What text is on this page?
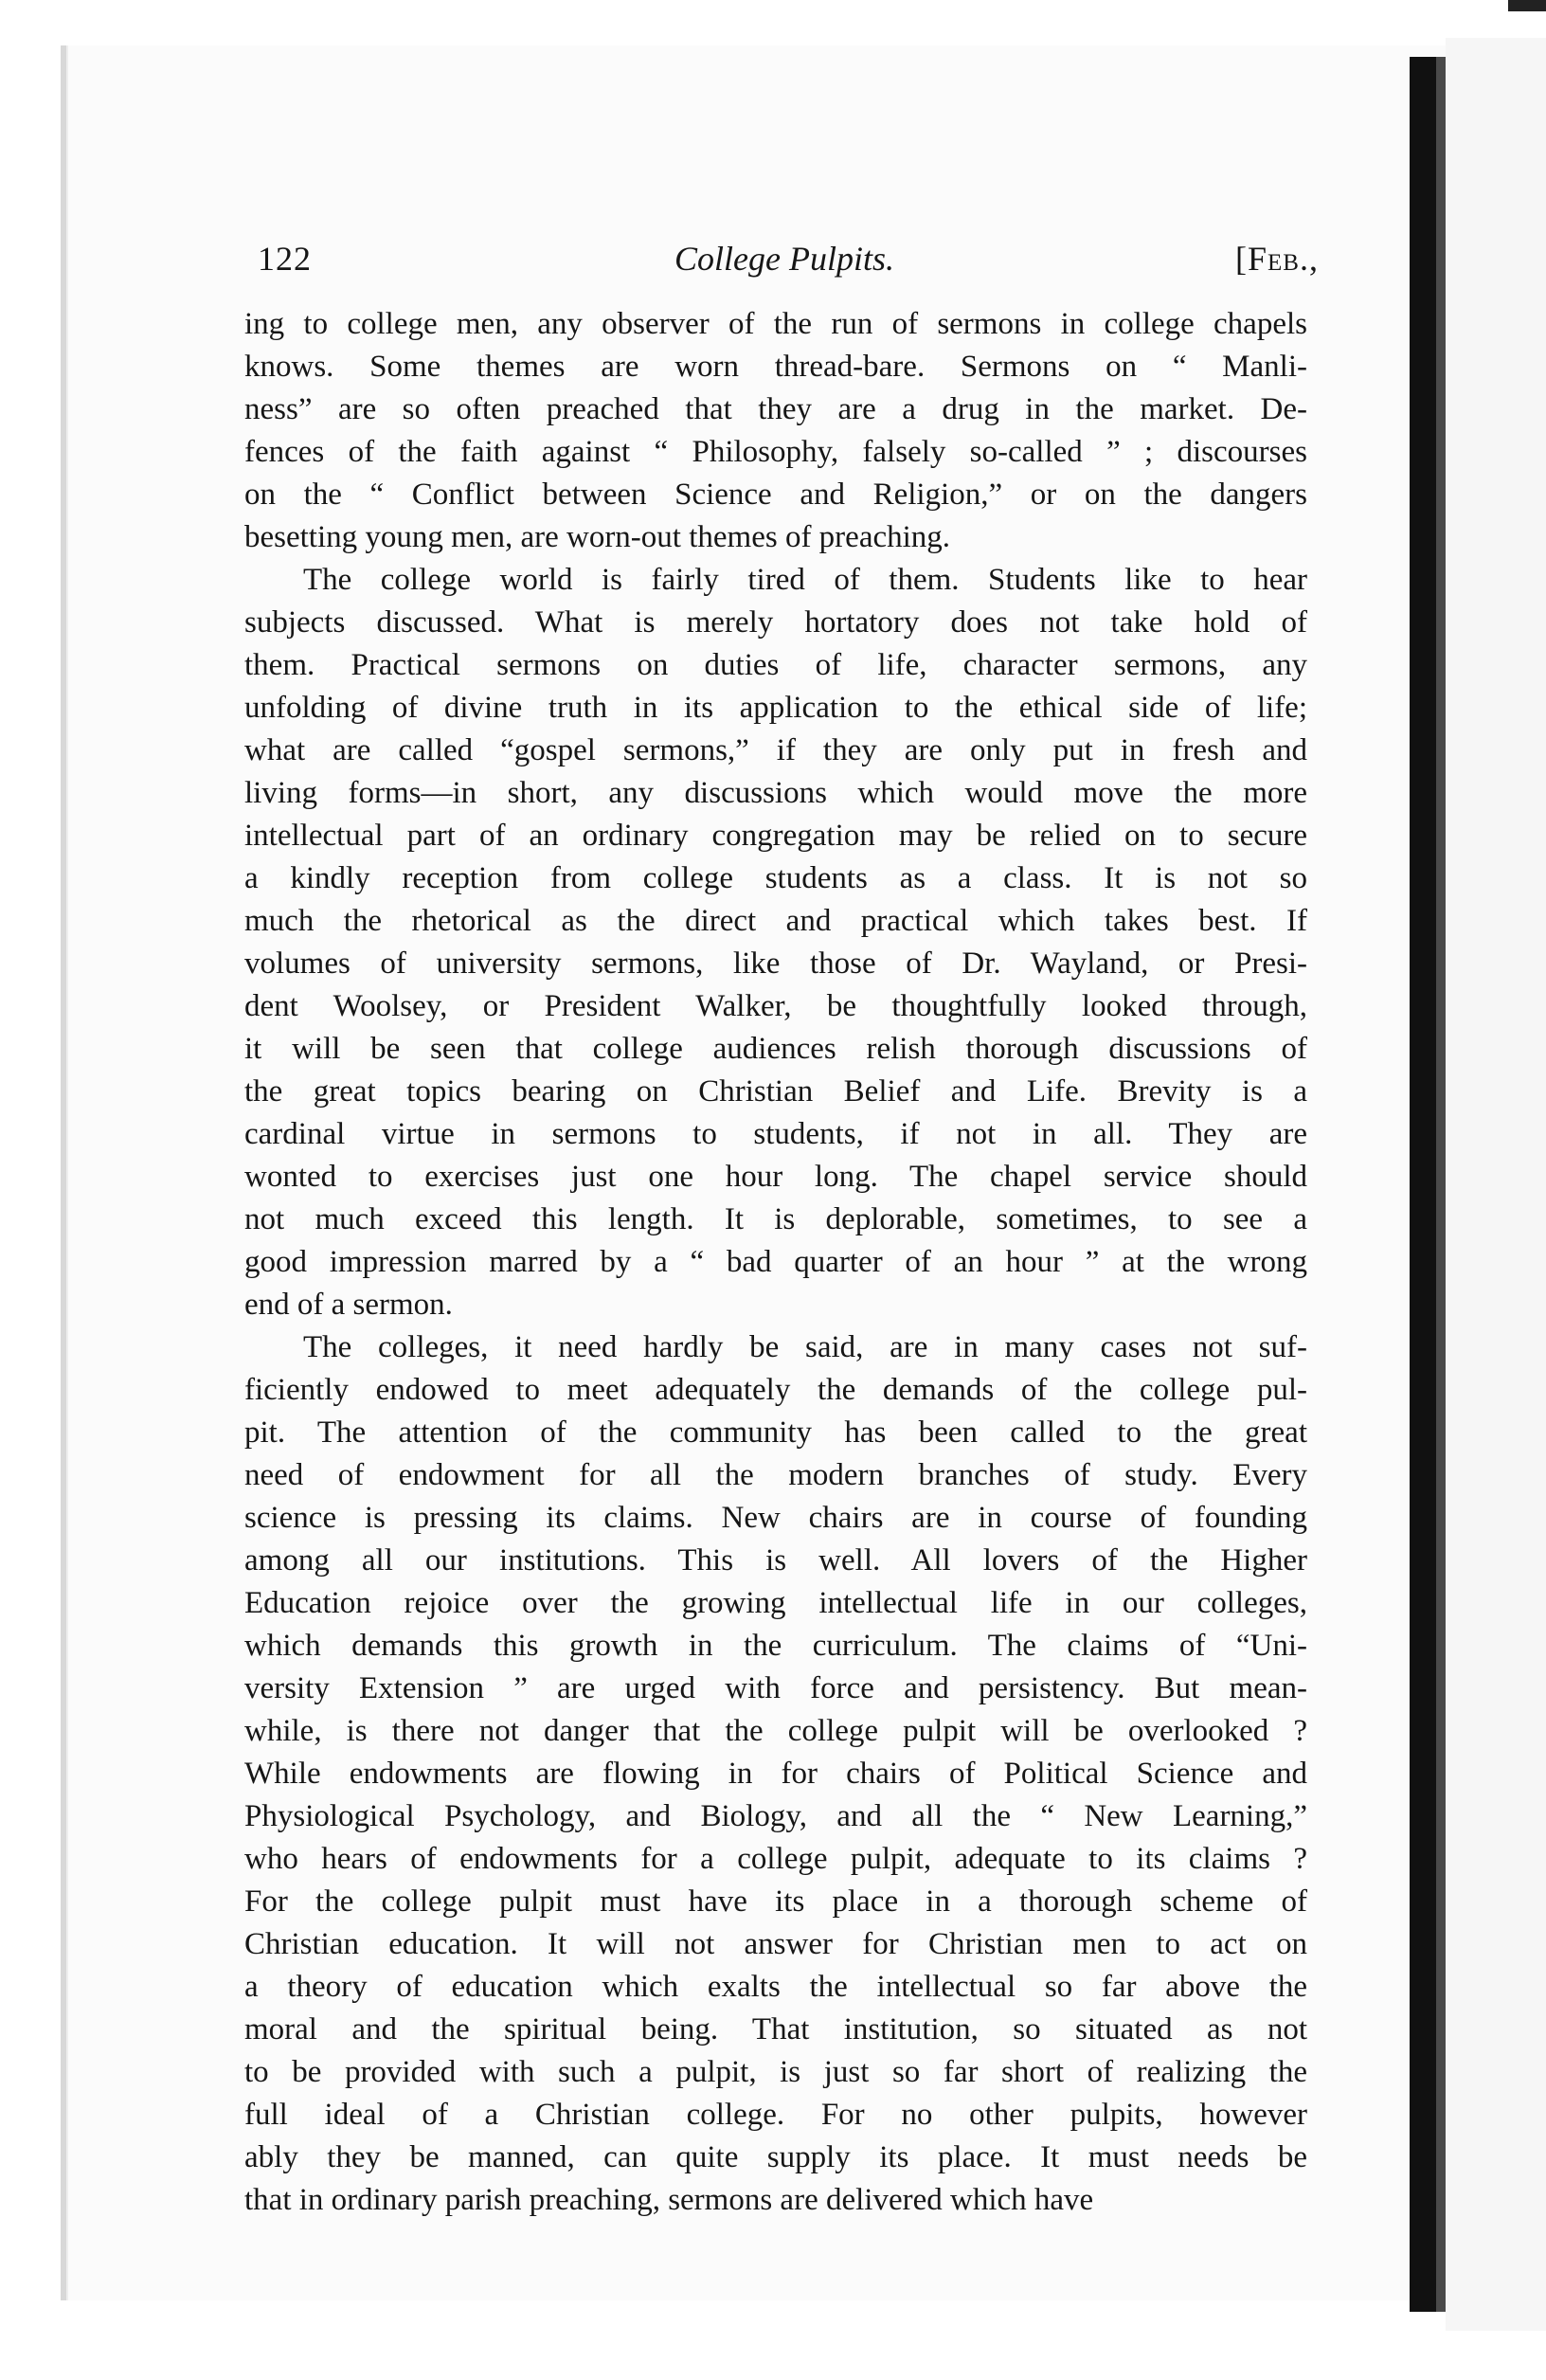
122	College Pulpits.	[Feb.,
ing to college men, any observer of the run of sermons in college chapels
knows. Some themes are worn thread-bare. Sermons on “ Manli-
ness” are so often preached that they are a drug in the market. De-
fences of the faith against “ Philosophy, falsely so-called ” ; discourses
on the “ Conflict between Science and Religion,” or on the dangers
besetting young men, are worn-out themes of preaching.
The college world is fairly tired of them. Students like to hear
subjects discussed. What is merely hortatory does not take hold of
them. Practical sermons on duties of life, character sermons, any
unfolding of divine truth in its application to the ethical side of life;
what are called “gospel sermons,” if they are only put in fresh and
living forms—in short, any discussions which would move the more
intellectual part of an ordinary congregation may be relied on to secure
a kindly reception from college students as a class. It is not so
much the rhetorical as the direct and practical which takes best. If
volumes of university sermons, like those of Dr. Wayland, or Presi-
dent Woolsey, or President Walker, be thoughtfully looked through,
it will be seen that college audiences relish thorough discussions of
the great topics bearing on Christian Belief and Life. Brevity is a
cardinal virtue in sermons to students, if not in all. They are
wonted to exercises just one hour long. The chapel service should
not much exceed this length. It is deplorable, sometimes, to see a
good impression marred by a “ bad quarter of an hour ” at the wrong
end of a sermon.
The colleges, it need hardly be said, are in many cases not suf-
ficiently endowed to meet adequately the demands of the college pul-
pit. The attention of the community has been called to the great
need of endowment for all the modern branches of study. Every
science is pressing its claims. New chairs are in course of founding
among all our institutions. This is well. All lovers of the Higher
Education rejoice over the growing intellectual life in our colleges,
which demands this growth in the curriculum. The claims of “Uni-
versity Extension ” are urged with force and persistency. But mean-
while, is there not danger that the college pulpit will be overlooked ?
While endowments are flowing in for chairs of Political Science and
Physiological Psychology, and Biology, and all the “ New Learning,”
who hears of endowments for a college pulpit, adequate to its claims ?
For the college pulpit must have its place in a thorough scheme of
Christian education. It will not answer for Christian men to act on
a theory of education which exalts the intellectual so far above the
moral and the spiritual being. That institution, so situated as not
to be provided with such a pulpit, is just so far short of realizing the
full ideal of a Christian college. For no other pulpits, however
ably they be manned, can quite supply its place. It must needs be
that in ordinary parish preaching, sermons are delivered which have
